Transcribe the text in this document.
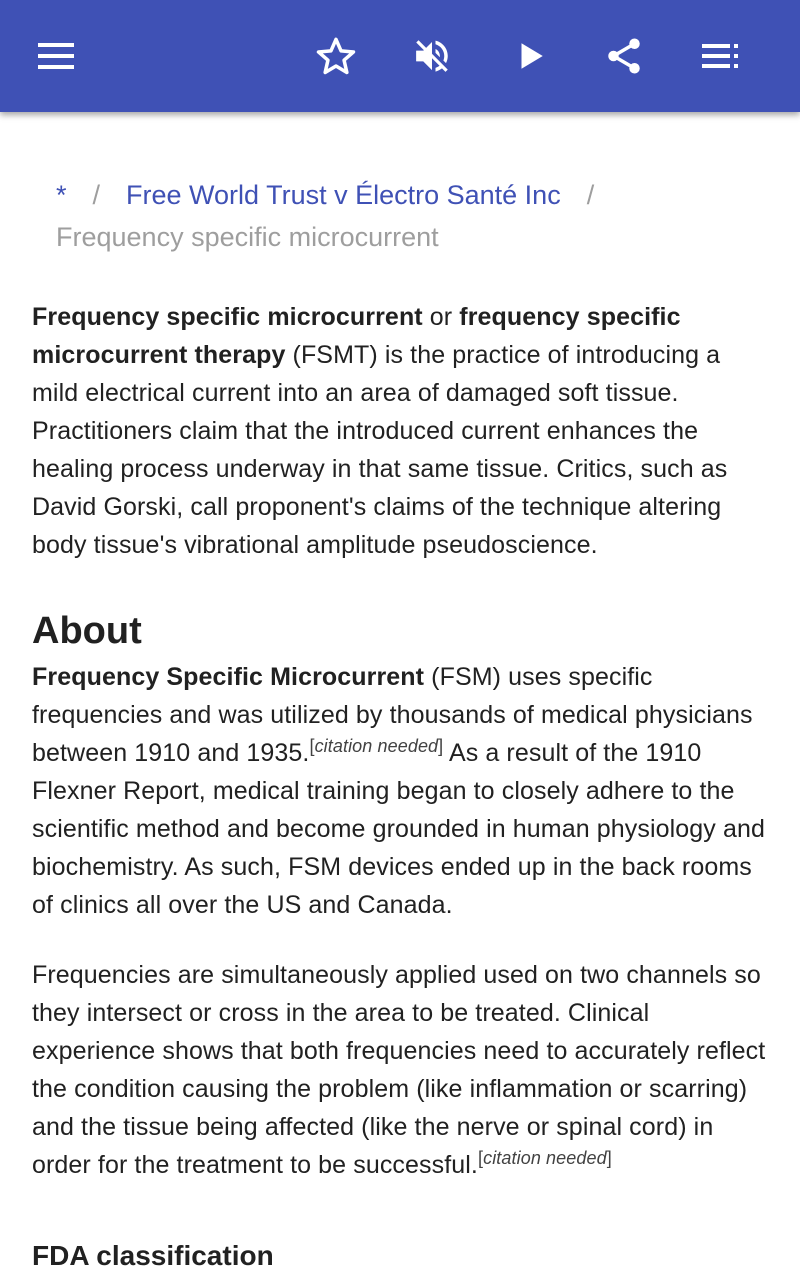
* / Free World Trust v Électro Santé Inc /
Frequency specific microcurrent

Frequency specific microcurrent or frequency specific microcurrent therapy (FSMT) is the practice of introducing a mild electrical current into an area of damaged soft tissue. Practitioners claim that the introduced current enhances the healing process underway in that same tissue. Critics, such as David Gorski, call proponent's claims of the technique altering body tissue's vibrational amplitude pseudoscience.

About

Frequency Specific Microcurrent (FSM) uses specific frequencies and was utilized by thousands of medical physicians between 1910 and 1935.[citation needed] As a result of the 1910 Flexner Report, medical training began to closely adhere to the scientific method and become grounded in human physiology and biochemistry. As such, FSM devices ended up in the back rooms of clinics all over the US and Canada.

Frequencies are simultaneously applied used on two channels so they intersect or cross in the area to be treated. Clinical experience shows that both frequencies need to accurately reflect the condition causing the problem (like inflammation or scarring) and the tissue being affected (like the nerve or spinal cord) in order for the treatment to be successful.[citation needed]

FDA classification
